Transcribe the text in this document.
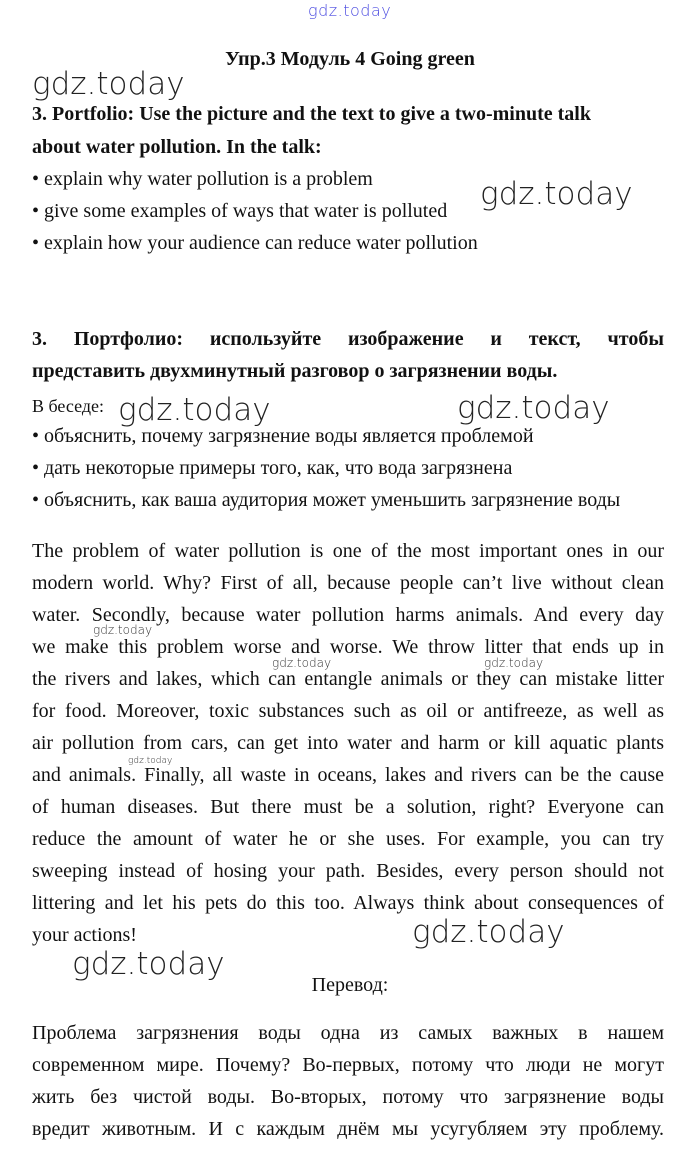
gdz.today
gdz.today
gdz.today
gdz.today	gdz.today
gdz.today
gdz.today	gdz.today
gdz.today
gdz.today
gdz.today
Упр.3 Модуль 4 Going green
3. Portfolio: Use the picture and the text to give a two-minute talk
about water pollution. In the talk:
• explain why water pollution is a problem
• give some examples of ways that water is polluted
• explain how your audience can reduce water pollution
3. Портфолио: используйте изображение и текст, чтобы
представить двухминутный разговор о загрязнении воды.
В беседе:
• объяснить, почему загрязнение воды является проблемой
• дать некоторые примеры того, как, что вода загрязнена
• объяснить, как ваша аудитория может уменьшить загрязнение воды
The problem of water pollution is one of the most important ones in our
modern world. Why? First of all, because people can’t live without clean
water. Secondly, because water pollution harms animals. And every day
we make this problem worse and worse. We throw litter that ends up in
the rivers and lakes, which can entangle animals or they can mistake litter
for food. Moreover, toxic substances such as oil or antifreeze, as well as
air pollution from cars, can get into water and harm or kill aquatic plants
and animals. Finally, all waste in oceans, lakes and rivers can be the cause
of human diseases. But there must be a solution, right? Everyone can
reduce the amount of water he or she uses. For example, you can try
sweeping instead of hosing your path. Besides, every person should not
littering and let his pets do this too. Always think about consequences of
your actions!
Перевод:
Проблема загрязнения воды одна из самых важных в нашем
современном мире. Почему? Во-первых, потому что люди не могут
жить без чистой воды. Во-вторых, потому что загрязнение воды
вредит животным. И с каждым днём мы усугубляем эту проблему.
